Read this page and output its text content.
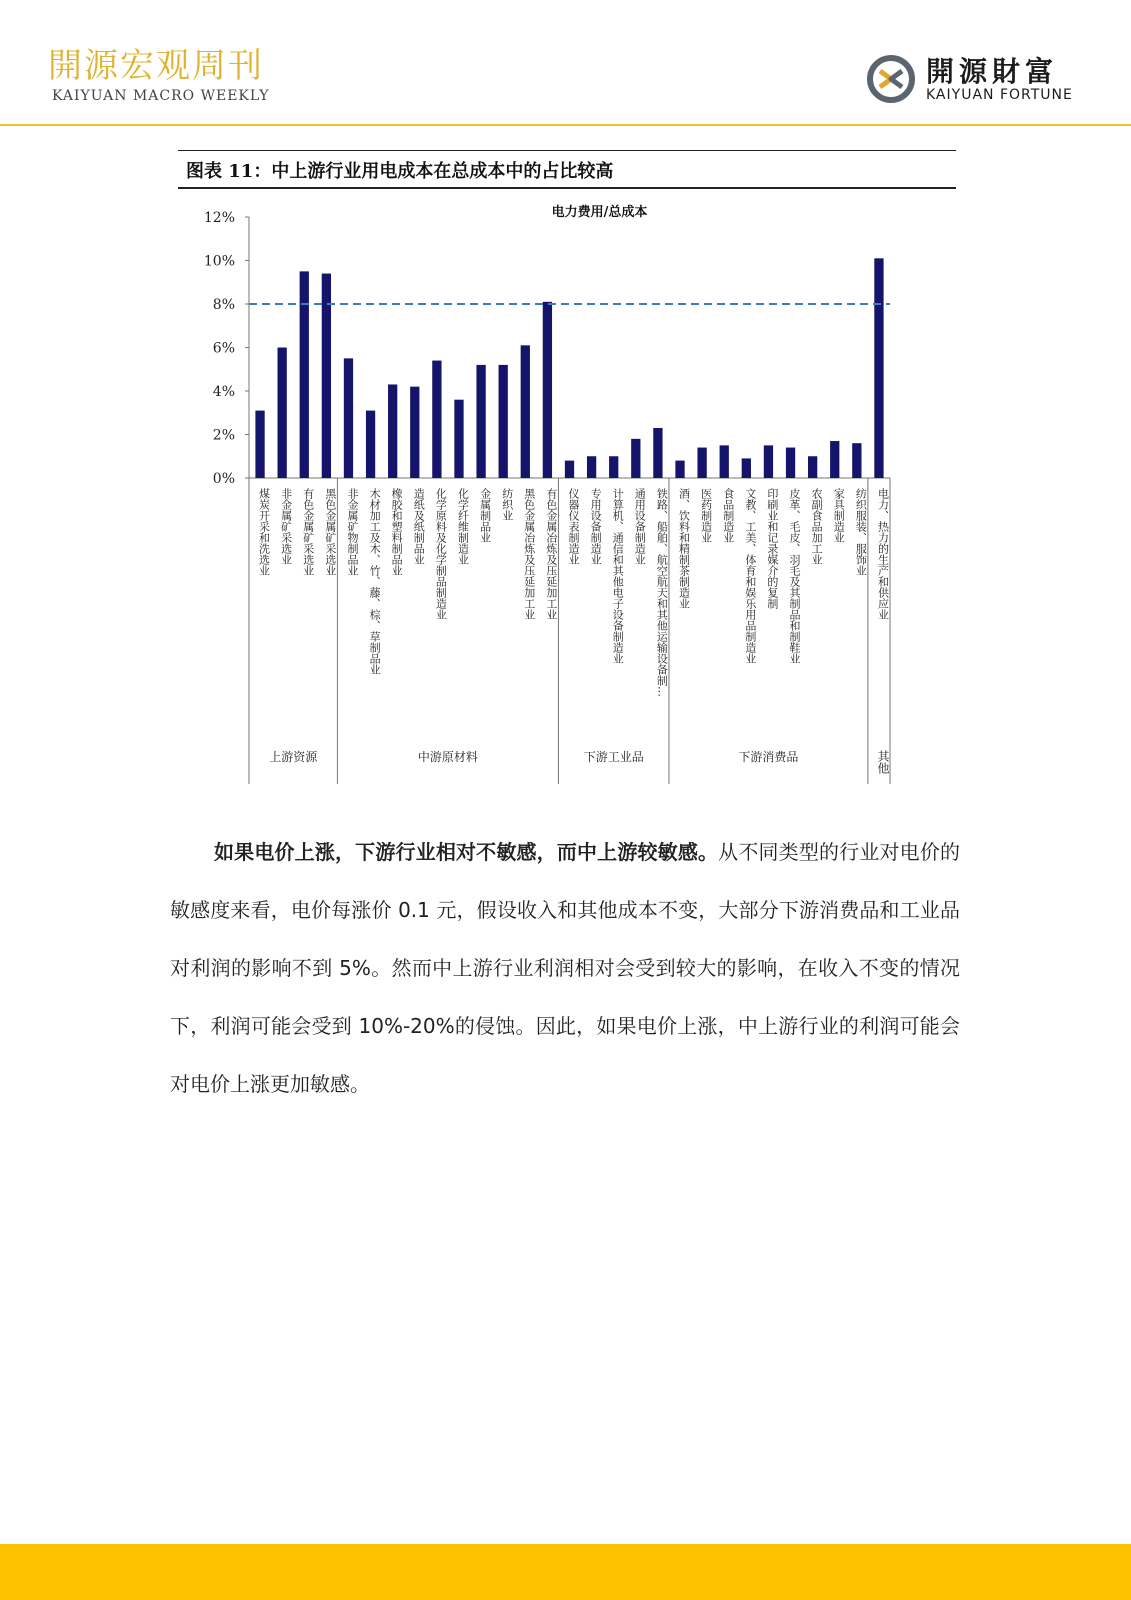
開源宏观周刊
KAIYUAN MACRO WEEKLY
開源財富
KAIYUAN FORTUNE
图表 11：中上游行业用电成本在总成本中的占比较高
电力费用/总成本
0%
2%
4%
6%
8%
10%
12%
煤炭开采和洗选业 非金属矿采选业 有色金属矿采选业 黑色金属矿采选业 非金属矿物制品业 木材加工及木、竹、藤、棕、草制品业 橡胶和塑料制品业 造纸及纸制品业 化学原料及化学制品制造业 化学纤维制造业 金属制品业 纺织业 黑色金属冶炼及压延加工业 有色金属冶炼及压延加工业 仪器仪表制造业 专用设备制造业 计算机、通信和其他电子设备制造业 通用设备制造业 铁路、船舶、航空航天和其他运输设备制… 酒、饮料和精制茶制造业 医药制造业 食品制造业 文教、工美、体育和娱乐用品制造业 印刷业和记录媒介的复制 皮革、毛皮、羽毛及其制品和制鞋业 农副食品加工业 家具制造业 纺织服装、服饰业 电力、热力的生产和供应业
上游资源	中游原材料	下游工业品	下游消费品	其他

如果电价上涨，下游行业相对不敏感，而中上游较敏感。从不同类型的行业对电价的敏感度来看，电价每涨价 0.1 元，假设收入和其他成本不变，大部分下游消费品和工业品对利润的影响不到 5%。然而中上游行业利润相对会受到较大的影响，在收入不变的情况下，利润可能会受到 10%-20%的侵蚀。因此，如果电价上涨，中上游行业的利润可能会对电价上涨更加敏感。
